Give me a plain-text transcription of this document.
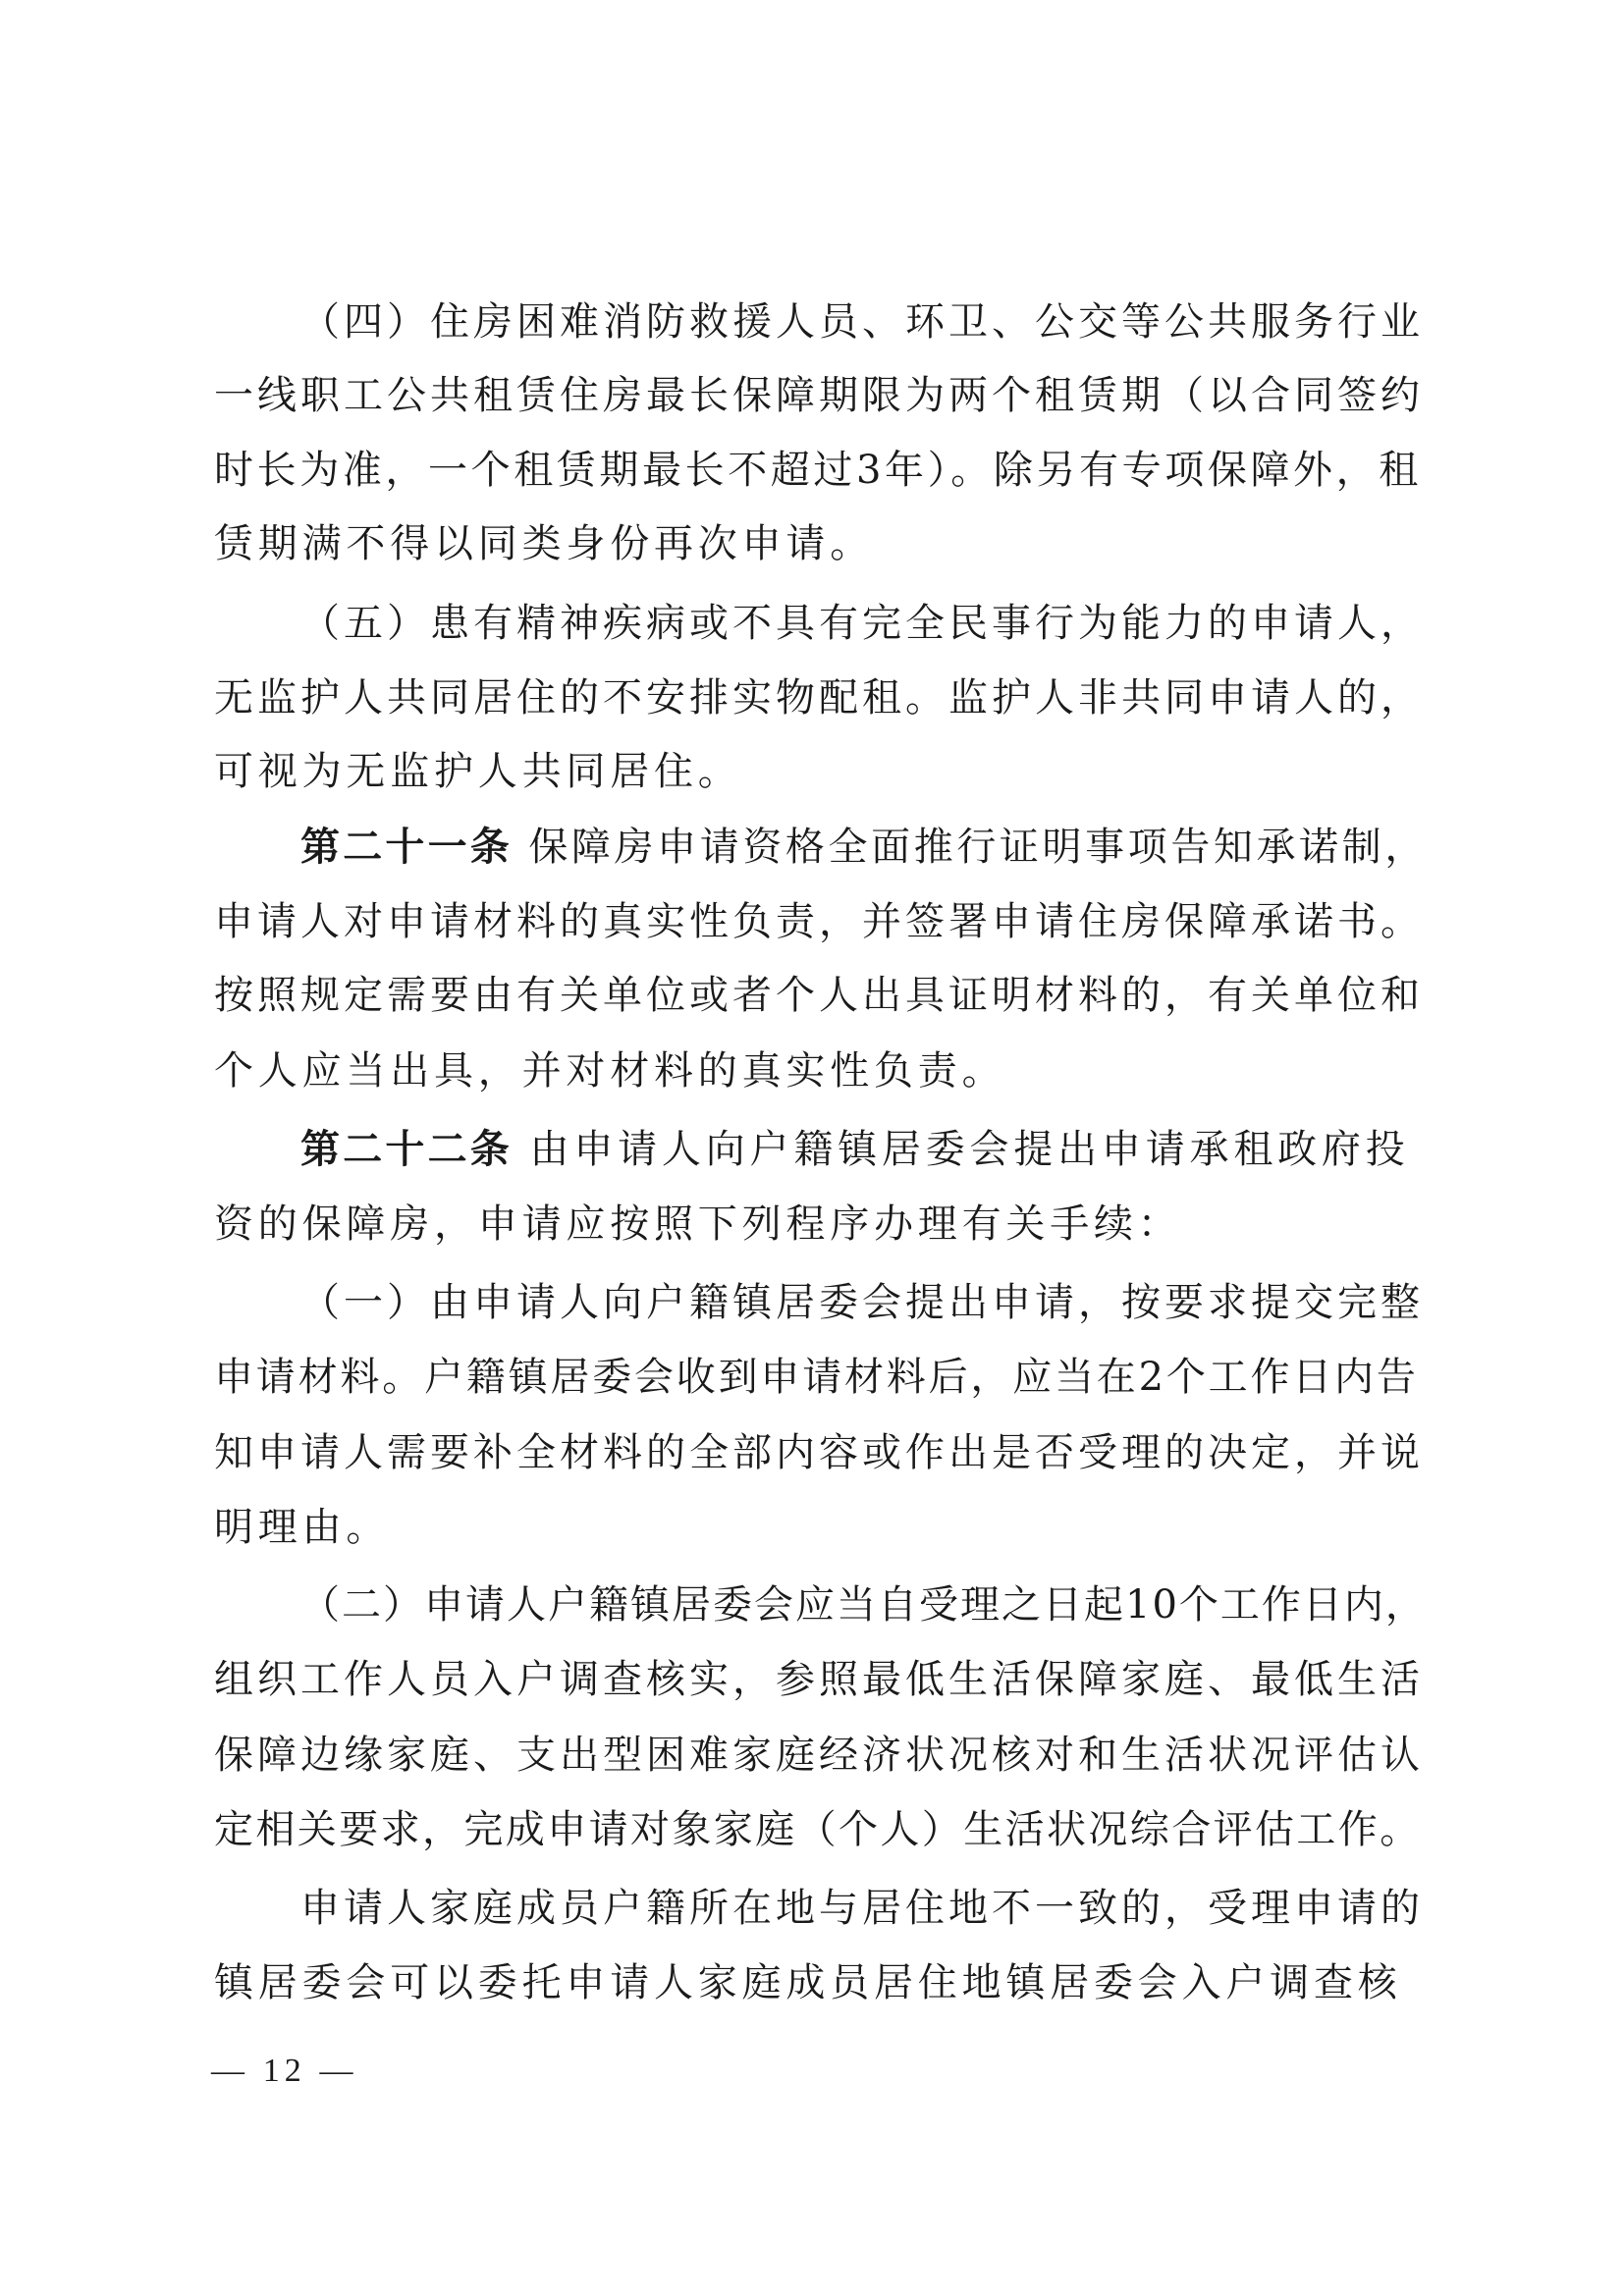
（四）住房困难消防救援人员、环卫、公交等公共服务行业
一线职工公共租赁住房最长保障期限为两个租赁期（以合同签约
时长为准，一个租赁期最长不超过3年）。除另有专项保障外，租
赁期满不得以同类身份再次申请。
（五）患有精神疾病或不具有完全民事行为能力的申请人，
无监护人共同居住的不安排实物配租。监护人非共同申请人的，
可视为无监护人共同居住。
第二十一条 保障房申请资格全面推行证明事项告知承诺制，
申请人对申请材料的真实性负责，并签署申请住房保障承诺书。
按照规定需要由有关单位或者个人出具证明材料的，有关单位和
个人应当出具，并对材料的真实性负责。
第二十二条 由申请人向户籍镇居委会提出申请承租政府投
资的保障房，申请应按照下列程序办理有关手续：
（一）由申请人向户籍镇居委会提出申请，按要求提交完整
申请材料。户籍镇居委会收到申请材料后，应当在2个工作日内告
知申请人需要补全材料的全部内容或作出是否受理的决定，并说
明理由。
（二）申请人户籍镇居委会应当自受理之日起10个工作日内，
组织工作人员入户调查核实，参照最低生活保障家庭、最低生活
保障边缘家庭、支出型困难家庭经济状况核对和生活状况评估认
定相关要求，完成申请对象家庭（个人）生活状况综合评估工作。
申请人家庭成员户籍所在地与居住地不一致的，受理申请的
镇居委会可以委托申请人家庭成员居住地镇居委会入户调查核
— 12 —
